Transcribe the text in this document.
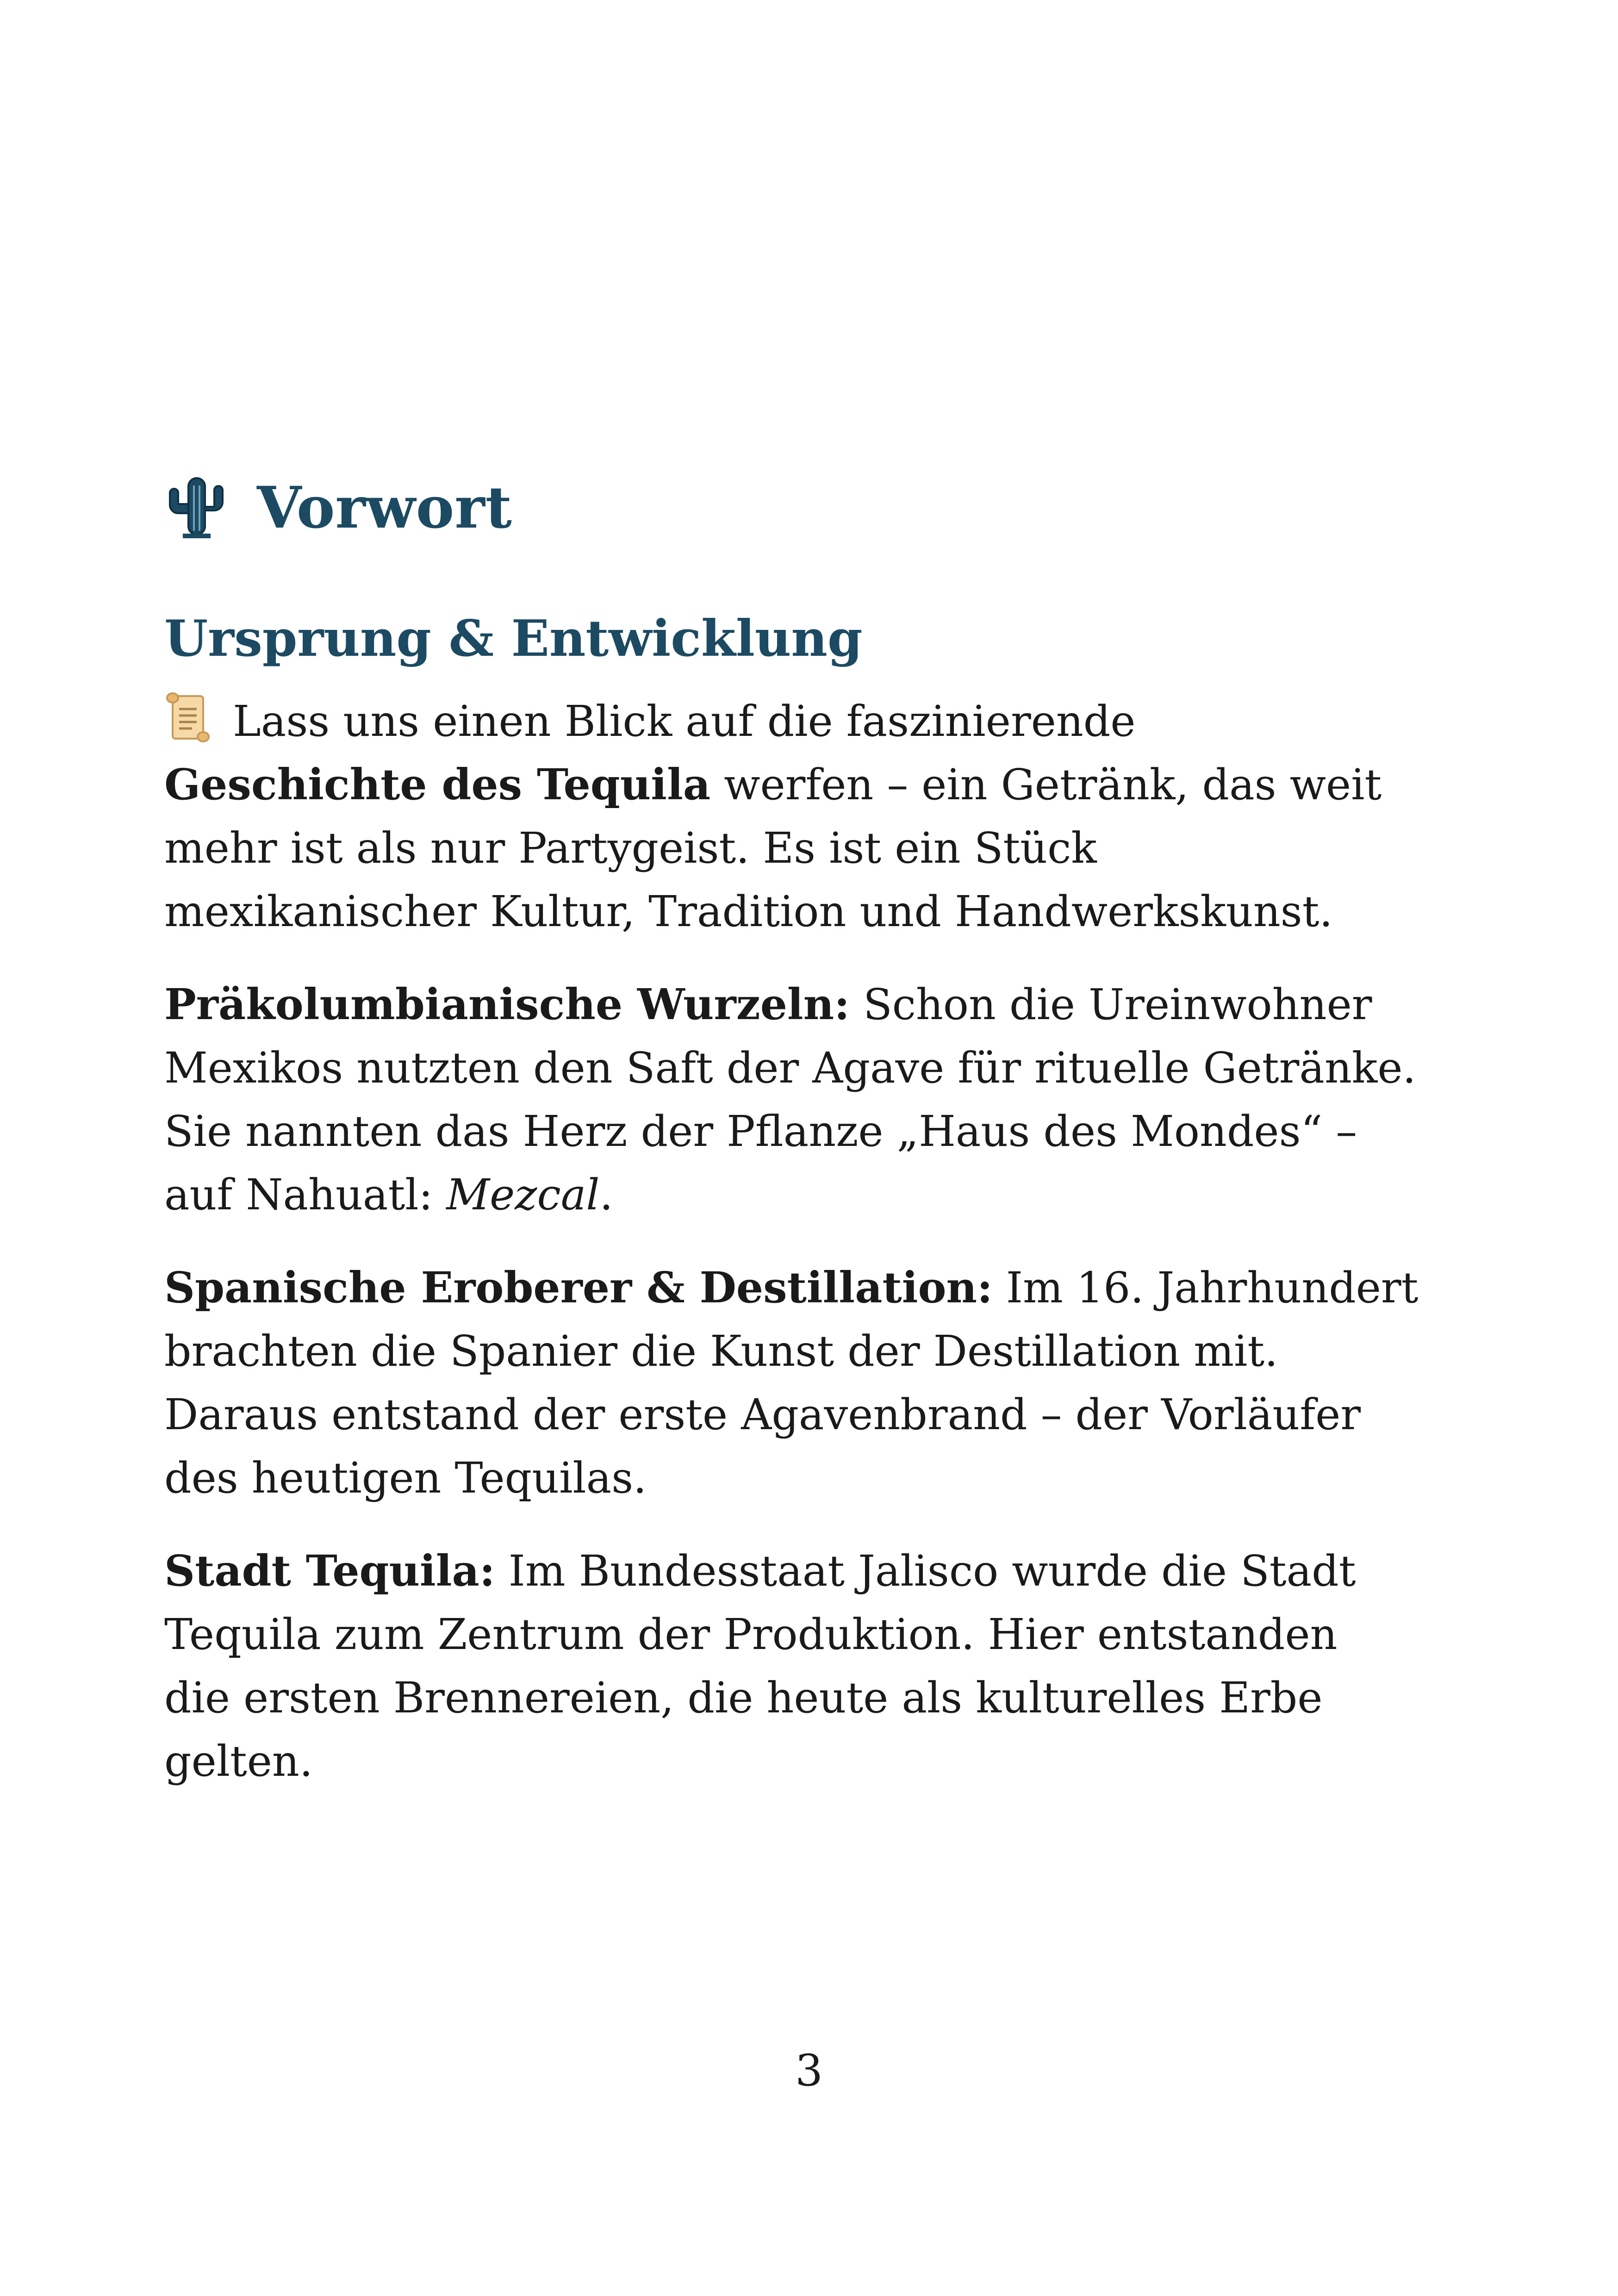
Vorwort
Ursprung & Entwicklung

Lass uns einen Blick auf die faszinierende
Geschichte des Tequila werfen – ein Getränk, das weit
mehr ist als nur Partygeist. Es ist ein Stück
mexikanischer Kultur, Tradition und Handwerkskunst.

Präkolumbianische Wurzeln: Schon die Ureinwohner
Mexikos nutzten den Saft der Agave für rituelle Getränke.
Sie nannten das Herz der Pflanze „Haus des Mondes“ –
auf Nahuatl: Mezcal.

Spanische Eroberer & Destillation: Im 16. Jahrhundert
brachten die Spanier die Kunst der Destillation mit.
Daraus entstand der erste Agavenbrand – der Vorläufer
des heutigen Tequilas.

Stadt Tequila: Im Bundesstaat Jalisco wurde die Stadt
Tequila zum Zentrum der Produktion. Hier entstanden
die ersten Brennereien, die heute als kulturelles Erbe
gelten.

3
